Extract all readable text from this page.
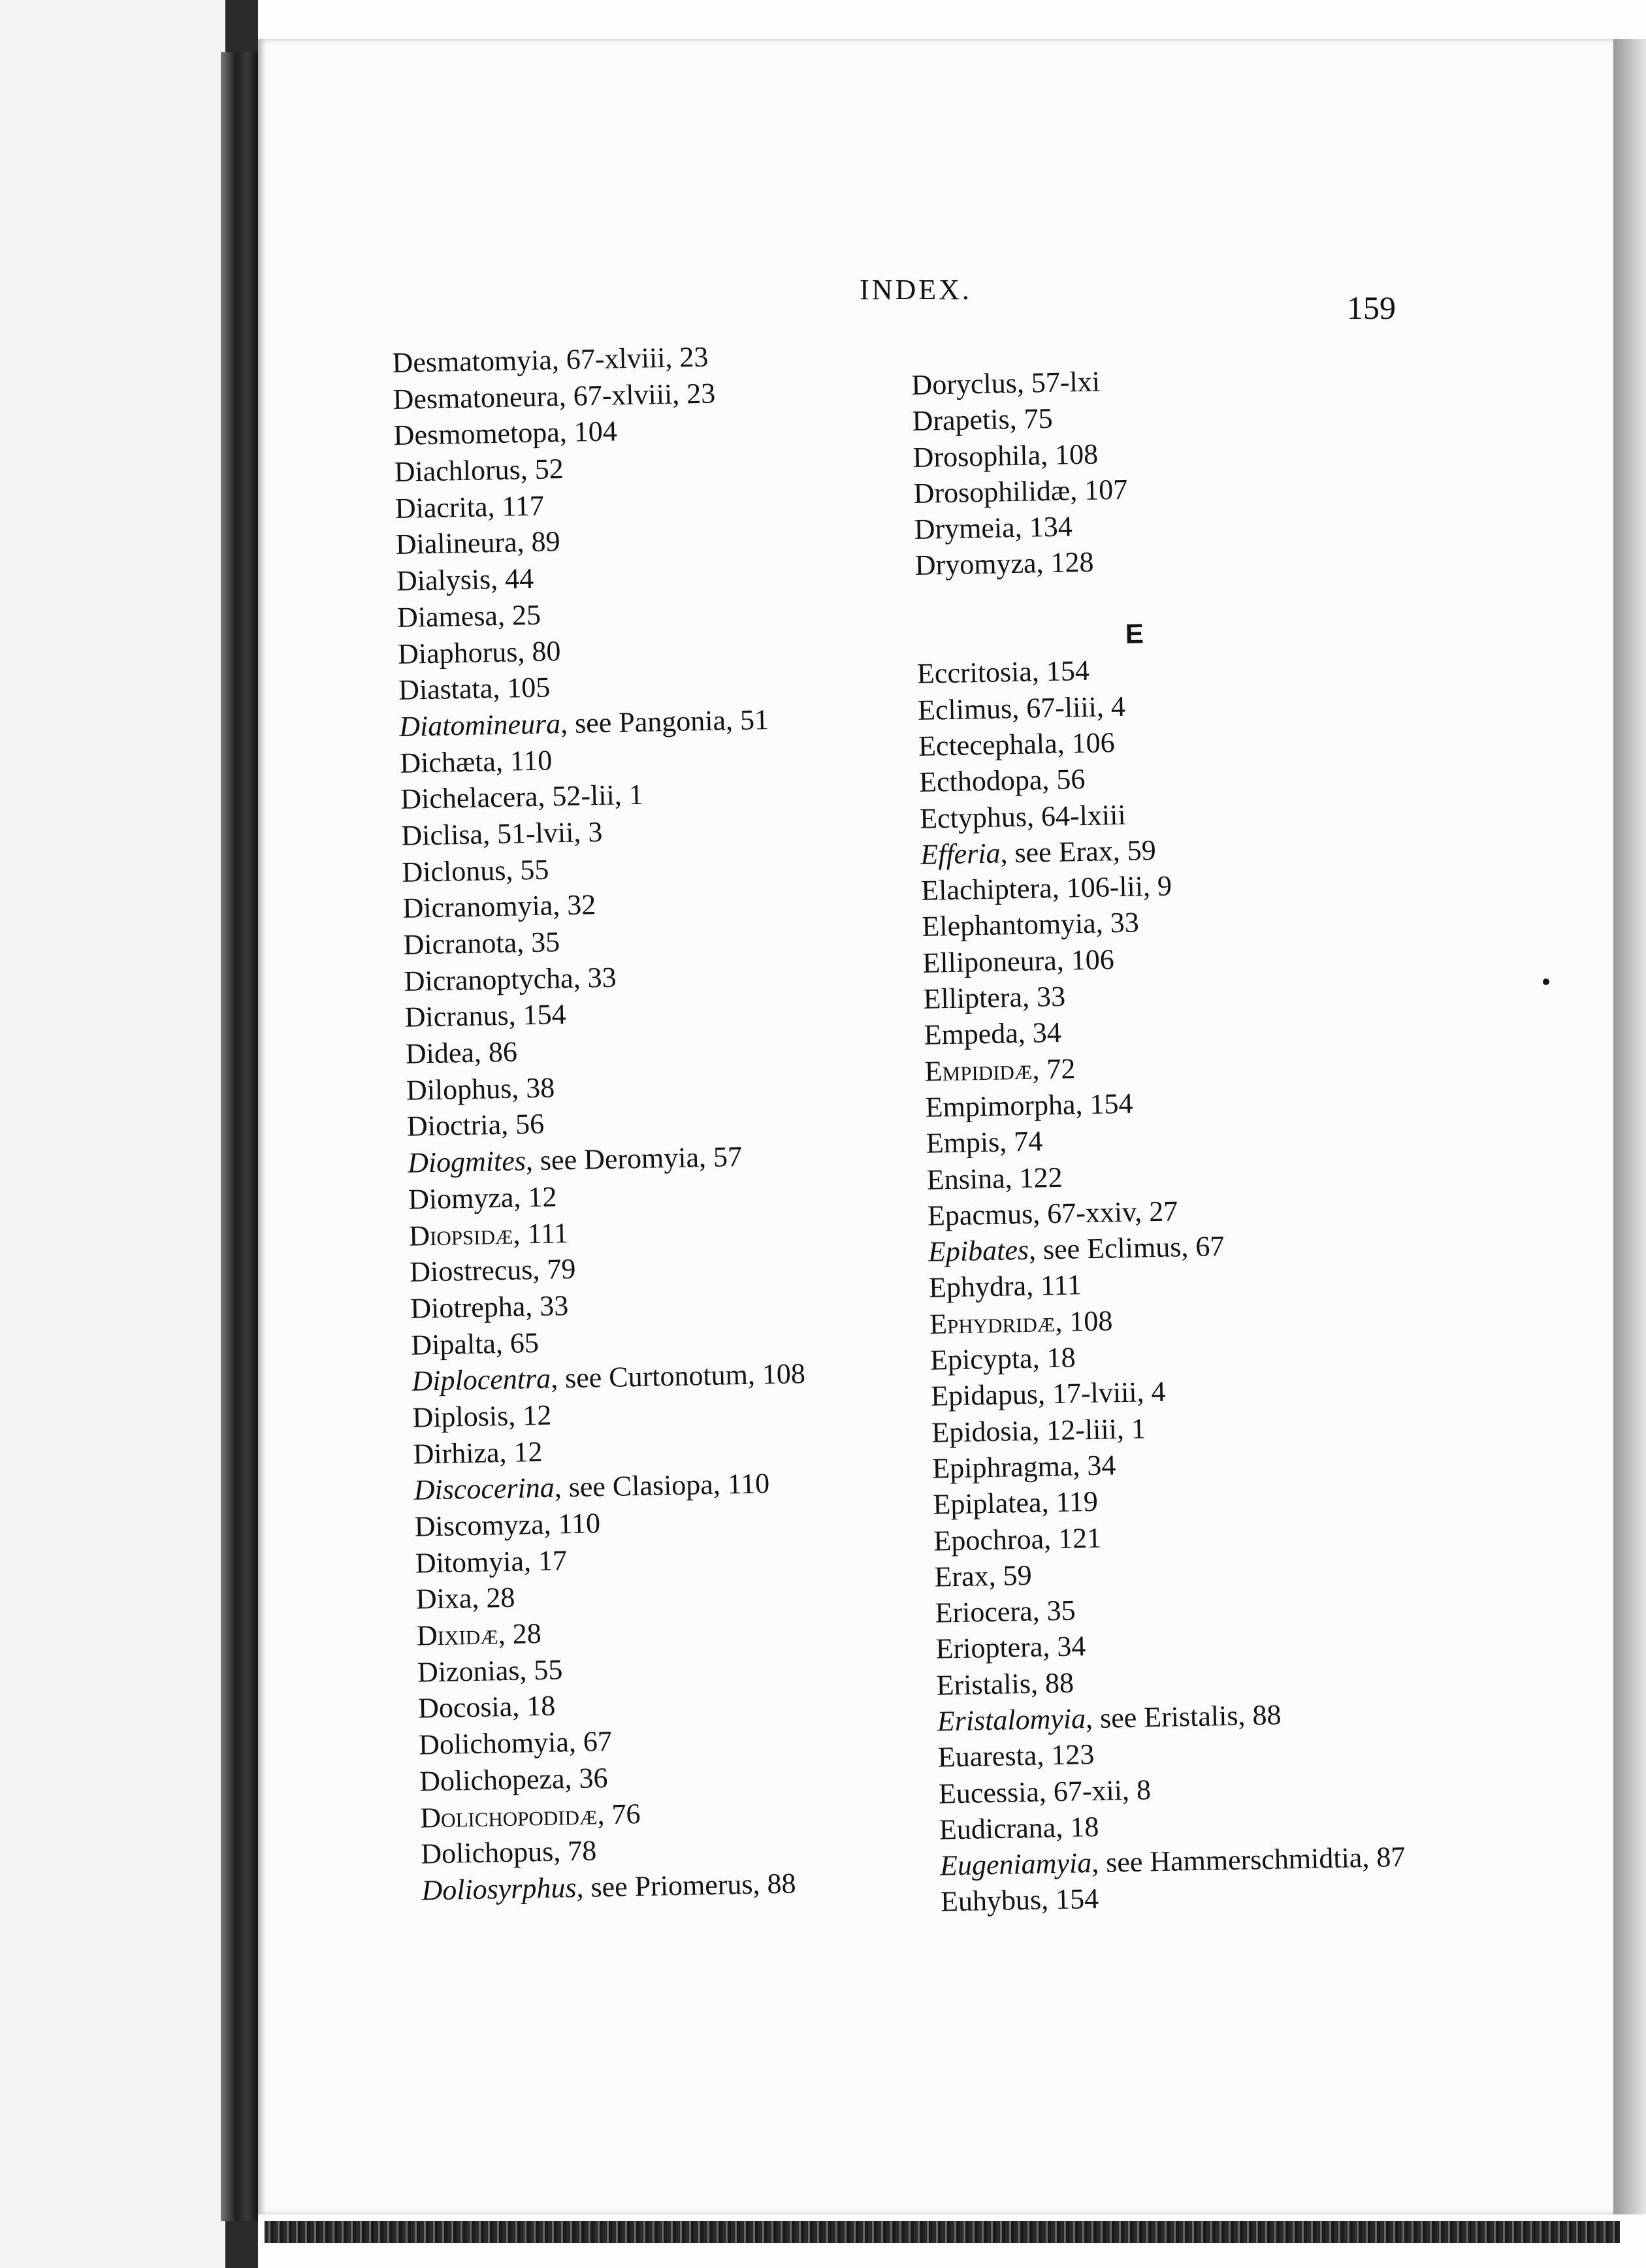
INDEX.	159
Desmatomyia, 67-xlviii, 23
Desmatoneura, 67-xlviii, 23
Desmometopa, 104
Diachlorus, 52
Diacrita, 117
Dialineura, 89
Dialysis, 44
Diamesa, 25
Diaphorus, 80
Diastata, 105
Diatomineura, see Pangonia, 51
Dichæta, 110
Dichelacera, 52-lii, 1
Diclisa, 51-lvii, 3
Diclonus, 55
Dicranomyia, 32
Dicranota, 35
Dicranoptycha, 33
Dicranus, 154
Didea, 86
Dilophus, 38
Dioctria, 56
Diogmites, see Deromyia, 57
Diomyza, 12
Diopsidæ, 111
Diostrecus, 79
Diotrepha, 33
Dipalta, 65
Diplocentra, see Curtonotum, 108
Diplosis, 12
Dirhiza, 12
Discocerina, see Clasiopa, 110
Discomyza, 110
Ditomyia, 17
Dixa, 28
Dixidæ, 28
Dizonias, 55
Docosia, 18
Dolichomyia, 67
Dolichopeza, 36
Dolichopodidæ, 76
Dolichopus, 78
Doliosyrphus, see Priomerus, 88
Doryclus, 57-lxi
Drapetis, 75
Drosophila, 108
Drosophilidæ, 107
Drymeia, 134
Dryomyza, 128
E
Eccritosia, 154
Eclimus, 67-liii, 4
Ectecephala, 106
Ecthodopa, 56
Ectyphus, 64-lxiii
Efferia, see Erax, 59
Elachiptera, 106-lii, 9
Elephantomyia, 33
Elliponeura, 106
Elliptera, 33
Empeda, 34
Empididæ, 72
Empimorpha, 154
Empis, 74
Ensina, 122
Epacmus, 67-xxiv, 27
Epibates, see Eclimus, 67
Ephydra, 111
Ephydridæ, 108
Epicypta, 18
Epidapus, 17-lviii, 4
Epidosia, 12-liii, 1
Epiphragma, 34
Epiplatea, 119
Epochroa, 121
Erax, 59
Eriocera, 35
Erioptera, 34
Eristalis, 88
Eristalomyia, see Eristalis, 88
Euaresta, 123
Eucessia, 67-xii, 8
Eudicrana, 18
Eugeniamyia, see Hammerschmidtia, 87
Euhybus, 154
